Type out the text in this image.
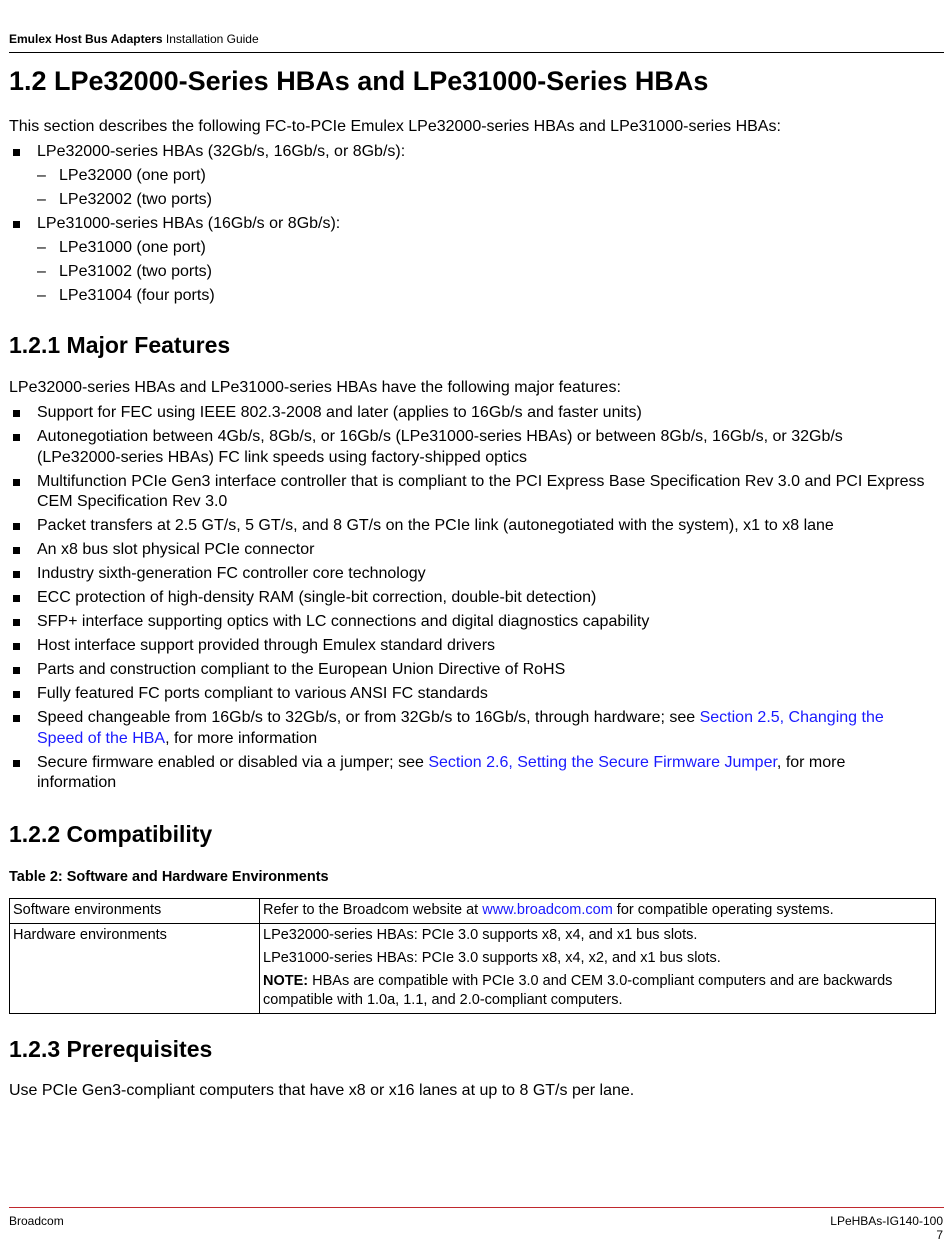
Emulex Host Bus Adapters Installation Guide
1.2 LPe32000-Series HBAs and LPe31000-Series HBAs
This section describes the following FC-to-PCIe Emulex LPe32000-series HBAs and LPe31000-series HBAs:
LPe32000-series HBAs (32Gb/s, 16Gb/s, or 8Gb/s):
– LPe32000 (one port)
– LPe32002 (two ports)
LPe31000-series HBAs (16Gb/s or 8Gb/s):
– LPe31000 (one port)
– LPe31002 (two ports)
– LPe31004 (four ports)
1.2.1 Major Features
LPe32000-series HBAs and LPe31000-series HBAs have the following major features:
Support for FEC using IEEE 802.3-2008 and later (applies to 16Gb/s and faster units)
Autonegotiation between 4Gb/s, 8Gb/s, or 16Gb/s (LPe31000-series HBAs) or between 8Gb/s, 16Gb/s, or 32Gb/s (LPe32000-series HBAs) FC link speeds using factory-shipped optics
Multifunction PCIe Gen3 interface controller that is compliant to the PCI Express Base Specification Rev 3.0 and PCI Express CEM Specification Rev 3.0
Packet transfers at 2.5 GT/s, 5 GT/s, and 8 GT/s on the PCIe link (autonegotiated with the system), x1 to x8 lane
An x8 bus slot physical PCIe connector
Industry sixth-generation FC controller core technology
ECC protection of high-density RAM (single-bit correction, double-bit detection)
SFP+ interface supporting optics with LC connections and digital diagnostics capability
Host interface support provided through Emulex standard drivers
Parts and construction compliant to the European Union Directive of RoHS
Fully featured FC ports compliant to various ANSI FC standards
Speed changeable from 16Gb/s to 32Gb/s, or from 32Gb/s to 16Gb/s, through hardware; see Section 2.5, Changing the Speed of the HBA, for more information
Secure firmware enabled or disabled via a jumper; see Section 2.6, Setting the Secure Firmware Jumper, for more information
1.2.2 Compatibility
Table 2: Software and Hardware Environments
Software environments	Refer to the Broadcom website at www.broadcom.com for compatible operating systems.
Hardware environments	LPe32000-series HBAs: PCIe 3.0 supports x8, x4, and x1 bus slots.
LPe31000-series HBAs: PCIe 3.0 supports x8, x4, x2, and x1 bus slots.
NOTE: HBAs are compatible with PCIe 3.0 and CEM 3.0-compliant computers and are backwards compatible with 1.0a, 1.1, and 2.0-compliant computers.
1.2.3 Prerequisites
Use PCIe Gen3-compliant computers that have x8 or x16 lanes at up to 8 GT/s per lane.
Broadcom	LPeHBAs-IG140-100
7
